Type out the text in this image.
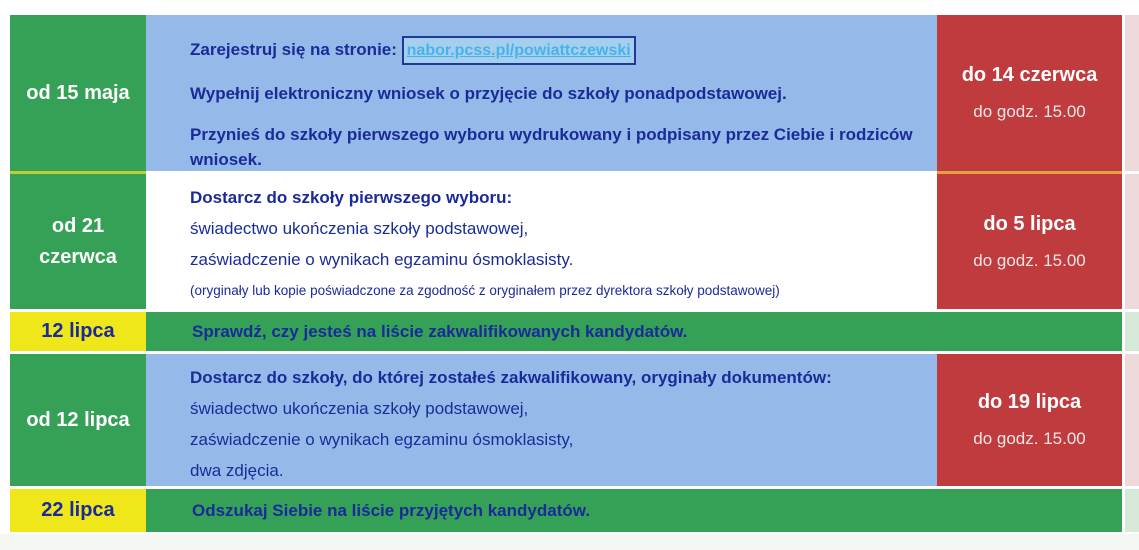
od 15 maja

Zarejestruj się na stronie: nabor.pcss.pl/powiattczewski

Wypełnij elektroniczny wniosek o przyjęcie do szkoły ponadpodstawowej.

Przynieś do szkoły pierwszego wyboru wydrukowany i podpisany przez Ciebie i rodziców wniosek.

do 14 czerwca
do godz. 15.00
od 21 czerwca

Dostarcz do szkoły pierwszego wyboru:

świadectwo ukończenia szkoły podstawowej,

zaświadczenie o wynikach egzaminu ósmoklasisty.

(oryginały lub kopie poświadczone za zgodność z oryginałem przez dyrektora szkoły podstawowej)

do 5 lipca
do godz. 15.00
12 lipca	Sprawdź, czy jesteś na liście zakwalifikowanych kandydatów.
od 12 lipca

Dostarcz do szkoły, do której zostałeś zakwalifikowany, oryginały dokumentów:

świadectwo ukończenia szkoły podstawowej,

zaświadczenie o wynikach egzaminu ósmoklasisty,

dwa zdjęcia.

do 19 lipca
do godz. 15.00
22 lipca	Odszukaj Siebie na liście przyjętych kandydatów.
